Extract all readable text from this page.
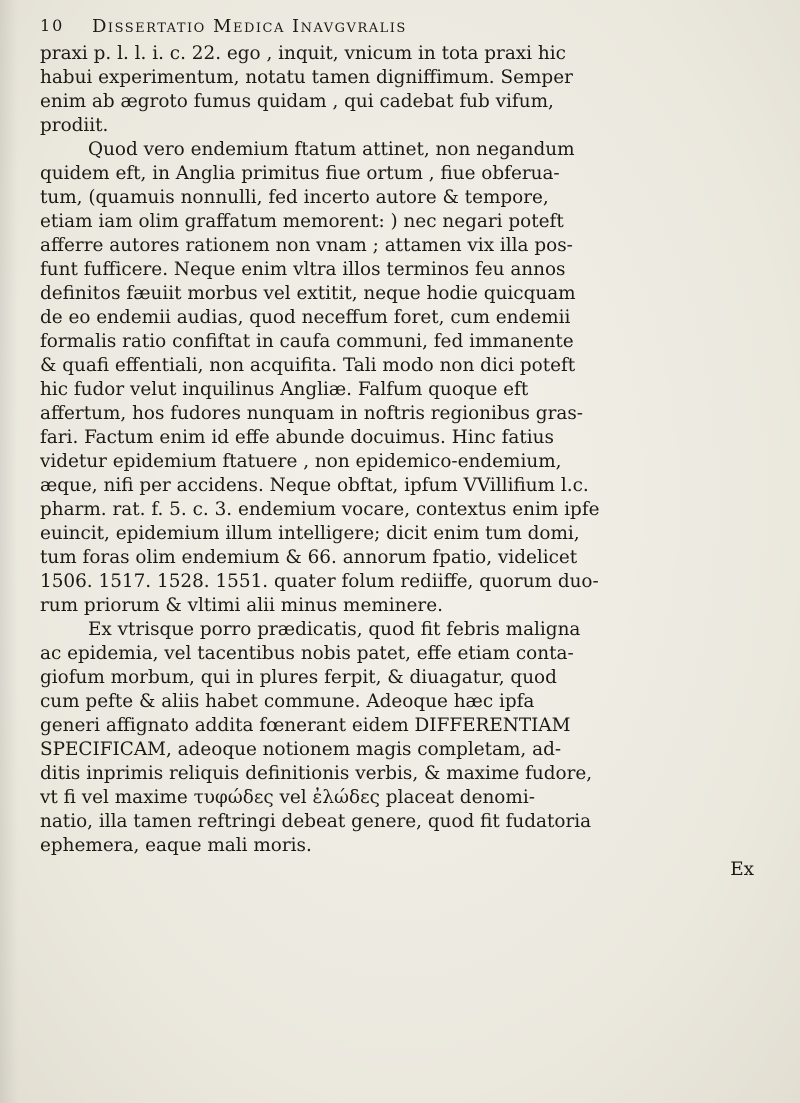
10 Dissertatio Medica Inavgvralis
praxi p. l. l. i. c. 22. ego , inquit, vnicum in tota praxi hic
habui experimentum, notatu tamen digniffimum. Semper
enim ab ægroto fumus quidam , qui cadebat fub vifum,
prodiit.
Quod vero endemium ftatum attinet, non negandum
quidem eft, in Anglia primitus fiue ortum , fiue obferua-
tum, (quamuis nonnulli, fed incerto autore & tempore,
etiam iam olim graffatum memorent: ) nec negari poteft
afferre autores rationem non vnam ; attamen vix illa pos-
funt fufficere. Neque enim vltra illos terminos feu annos
definitos fæuiit morbus vel extitit, neque hodie quicquam
de eo endemii audias, quod neceffum foret, cum endemii
formalis ratio confiftat in caufa communi, fed immanente
& quafi effentiali, non acquifita. Tali modo non dici poteft
hic fudor velut inquilinus Angliæ. Falfum quoque eft
affertum, hos fudores nunquam in noftris regionibus gras-
fari. Factum enim id effe abunde docuimus. Hinc fatius
videtur epidemium ftatuere , non epidemico-endemium,
æque, nifi per accidens. Neque obftat, ipfum VVillifium l.c.
pharm. rat. f. 5. c. 3. endemium vocare, contextus enim ipfe
euincit, epidemium illum intelligere; dicit enim tum domi,
tum foras olim endemium & 66. annorum fpatio, videlicet
1506. 1517. 1528. 1551. quater folum rediiffe, quorum duo-
rum priorum & vltimi alii minus meminere.
Ex vtrisque porro prædicatis, quod fit febris maligna
ac epidemia, vel tacentibus nobis patet, effe etiam conta-
giofum morbum, qui in plures ferpit, & diuagatur, quod
cum pefte & aliis habet commune. Adeoque hæc ipfa
generi affignato addita fœnerant eidem DIFFERENTIAM
SPECIFICAM, adeoque notionem magis completam, ad-
ditis inprimis reliquis definitionis verbis, & maxime fudore,
vt fi vel maxime τυφώδες vel ἐλώδες placeat denomi-
natio, illa tamen reftringi debeat genere, quod fit fudatoria
ephemera, eaque mali moris.
Ex
